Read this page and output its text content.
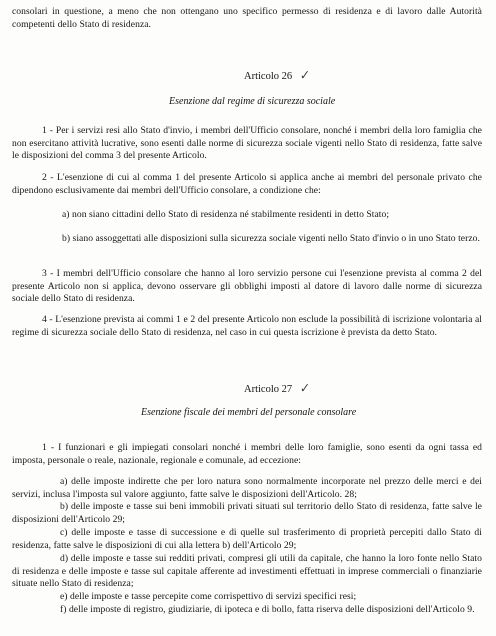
consolari in questione, a meno che non ottengano uno specifico permesso di residenza e di lavoro dalle Autorità competenti dello Stato di residenza.
Articolo 26 ✓
Esenzione dal regime di sicurezza sociale
1 - Per i servizi resi allo Stato d'invio, i membri dell'Ufficio consolare, nonché i membri della loro famiglia che non esercitano attività lucrative, sono esenti dalle norme di sicurezza sociale vigenti nello Stato di residenza, fatte salve le disposizioni del comma 3 del presente Articolo.
2 - L'esenzione di cui al comma 1 del presente Articolo si applica anche ai membri del personale privato che dipendono esclusivamente dai membri dell'Ufficio consolare, a condizione che:
a) non siano cittadini dello Stato di residenza né stabilmente residenti in detto Stato;
b) siano assoggettati alle disposizioni sulla sicurezza sociale vigenti nello Stato d'invio o in uno Stato terzo.
3 - I membri dell'Ufficio consolare che hanno al loro servizio persone cui l'esenzione prevista al comma 2 del presente Articolo non si applica, devono osservare gli obblighi imposti al datore di lavoro dalle norme di sicurezza sociale dello Stato di residenza.
4 - L'esenzione prevista ai commi 1 e 2 del presente Articolo non esclude la possibilità di iscrizione volontaria al regime di sicurezza sociale dello Stato di residenza, nel caso in cui questa iscrizione è prevista da detto Stato.
Articolo 27 ✓
Esenzione fiscale dei membri del personale consolare
1 - I funzionari e gli impiegati consolari nonché i membri delle loro famiglie, sono esenti da ogni tassa ed imposta, personale o reale, nazionale, regionale e comunale, ad eccezione:
a) delle imposte indirette che per loro natura sono normalmente incorporate nel prezzo delle merci e dei servizi, inclusa l'imposta sul valore aggiunto, fatte salve le disposizioni dell'Articolo. 28;
b) delle imposte e tasse sui beni immobili privati situati sul territorio dello Stato di residenza, fatte salve le disposizioni dell'Articolo 29;
c) delle imposte e tasse di successione e di quelle sul trasferimento di proprietà percepiti dallo Stato di residenza, fatte salve le disposizioni di cui alla lettera b) dell'Articolo 29;
d) delle imposte e tasse sui redditi privati, compresi gli utili da capitale, che hanno la loro fonte nello Stato di residenza e delle imposte e tasse sul capitale afferente ad investimenti effettuati in imprese commerciali o finanziarie situate nello Stato di residenza;
e) delle imposte e tasse percepite come corrispettivo di servizi specifici resi;
f) delle imposte di registro, giudiziarie, di ipoteca e di bollo, fatta riserva delle disposizioni dell'Articolo 9.
